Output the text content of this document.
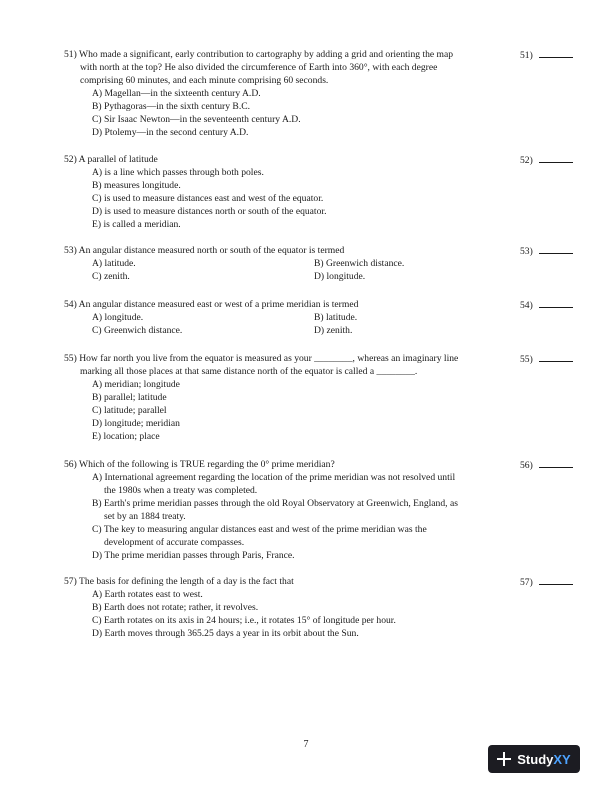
51) Who made a significant, early contribution to cartography by adding a grid and orienting the map
with north at the top? He also divided the circumference of Earth into 360°, with each degree
comprising 60 minutes, and each minute comprising 60 seconds.
A) Magellan—in the sixteenth century A.D.
B) Pythagoras—in the sixth century B.C.
C) Sir Isaac Newton—in the seventeenth century A.D.
D) Ptolemy—in the second century A.D.
51)
52) A parallel of latitude
A) is a line which passes through both poles.
B) measures longitude.
C) is used to measure distances east and west of the equator.
D) is used to measure distances north or south of the equator.
E) is called a meridian.
52)
53) An angular distance measured north or south of the equator is termed
A) latitude.	B) Greenwich distance.
C) zenith.	D) longitude.
53)
54) An angular distance measured east or west of a prime meridian is termed
A) longitude.	B) latitude.
C) Greenwich distance.	D) zenith.
54)
55) How far north you live from the equator is measured as your ________, whereas an imaginary line
marking all those places at that same distance north of the equator is called a ________.
A) meridian; longitude
B) parallel; latitude
C) latitude; parallel
D) longitude; meridian
E) location; place
55)
56) Which of the following is TRUE regarding the 0° prime meridian?
A) International agreement regarding the location of the prime meridian was not resolved until
the 1980s when a treaty was completed.
B) Earth's prime meridian passes through the old Royal Observatory at Greenwich, England, as
set by an 1884 treaty.
C) The key to measuring angular distances east and west of the prime meridian was the
development of accurate compasses.
D) The prime meridian passes through Paris, France.
56)
57) The basis for defining the length of a day is the fact that
A) Earth rotates east to west.
B) Earth does not rotate; rather, it revolves.
C) Earth rotates on its axis in 24 hours; i.e., it rotates 15° of longitude per hour.
D) Earth moves through 365.25 days a year in its orbit about the Sun.
57)
7
StudyXY
